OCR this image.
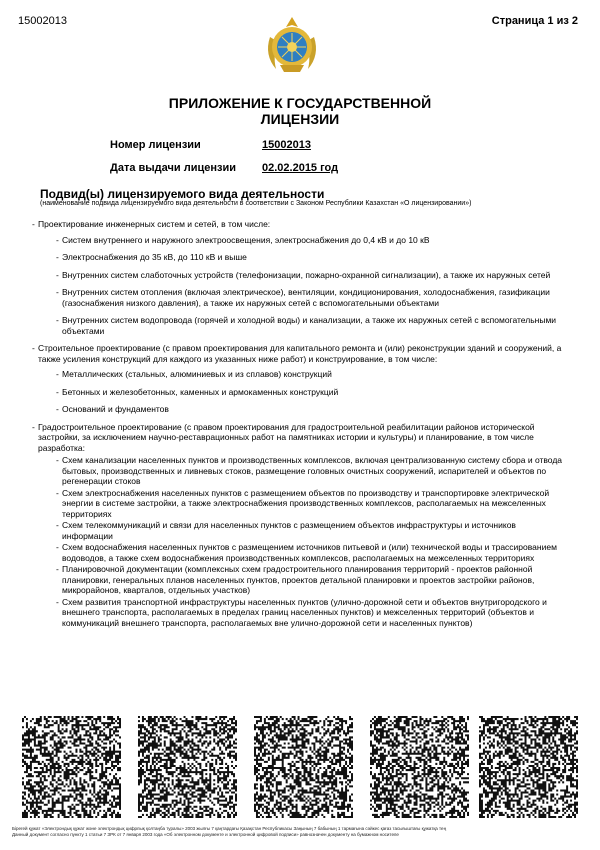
15002013	Страница 1 из 2
ПРИЛОЖЕНИЕ К ГОСУДАРСТВЕННОЙ
ЛИЦЕНЗИИ
Номер лицензии	15002013
Дата выдачи лицензии 02.02.2015 год
Подвид(ы) лицензируемого вида деятельности
(наименование подвида лицензируемого вида деятельности в соответствии с Законом Республики Казахстан «О лицензировании»)
- Проектирование инженерных систем и сетей, в том числе:
- Систем внутреннего и наружного электроосвещения, электроснабжения до 0,4 кВ и до 10 кВ
- Электроснабжения до 35 кВ, до 110 кВ и выше
- Внутренних систем слаботочных устройств (телефонизации, пожарно-охранной сигнализации), а также их наружных сетей
- Внутренних систем отопления (включая электрическое), вентиляции, кондиционирования, холодоснабжения, газификации (газоснабжения низкого давления), а также их наружных сетей с вспомогательными объектами
- Внутренних систем водопровода (горячей и холодной воды) и канализации, а также их наружных сетей с вспомогательными объектами
- Строительное проектирование (с правом проектирования для капитального ремонта и (или) реконструкции зданий и сооружений, а также усиления конструкций для каждого из указанных ниже работ) и конструирование, в том числе:
- Металлических (стальных, алюминиевых и из сплавов) конструкций
- Бетонных и железобетонных, каменных и армокаменных конструкций
- Оснований и фундаментов
- Градостроительное проектирование (с правом проектирования для градостроительной реабилитации районов исторической застройки, за исключением научно-реставрационных работ на памятниках истории и культуры) и планирование, в том числе разработка:
- Схем канализации населенных пунктов и производственных комплексов, включая централизованную систему сбора и отвода бытовых, производственных и ливневых стоков, размещение головных очистных сооружений, испарителей и объектов по регенерации стоков
- Схем электроснабжения населенных пунктов с размещением объектов по производству и транспортировке электрической энергии в системе застройки, а также электроснабжения производственных комплексов, располагаемых на межселенных территориях
- Схем телекоммуникаций и связи для населенных пунктов с размещением объектов инфраструктуры и источников информации
- Схем водоснабжения населенных пунктов с размещением источников питьевой и (или) технической воды и трассированием водоводов, а также схем водоснабжения производственных комплексов, располагаемых на межселенных территориях
- Планировочной документации (комплексных схем градостроительного планирования территорий - проектов районной планировки, генеральных планов населенных пунктов, проектов детальной планировки и проектов застройки районов, микрорайонов, кварталов, отдельных участков)
- Схем развития транспортной инфраструктуры населенных пунктов (улично-дорожной сети и объектов внутригородского и внешнего транспорта, располагаемых в пределах границ населенных пунктов) и межселенных территорий (объектов и коммуникаций внешнего транспорта, располагаемых вне улично-дорожной сети и населенных пунктов)
Бірегей құжат «Электрондық құжат және электрондық цифрлық қолтаңба туралы» 2003 жылғы 7 қаңтардағы Қазақстан Республикасы Заңының 7 бабының 1 тармағына сәйкес қағаз тасығыштағы құжатқа тең
Данный документ согласно пункту 1 статьи 7 ЗРК от 7 января 2003 года «Об электронном документе и электронной цифровой подписи» равнозначен документу на бумажном носителе
